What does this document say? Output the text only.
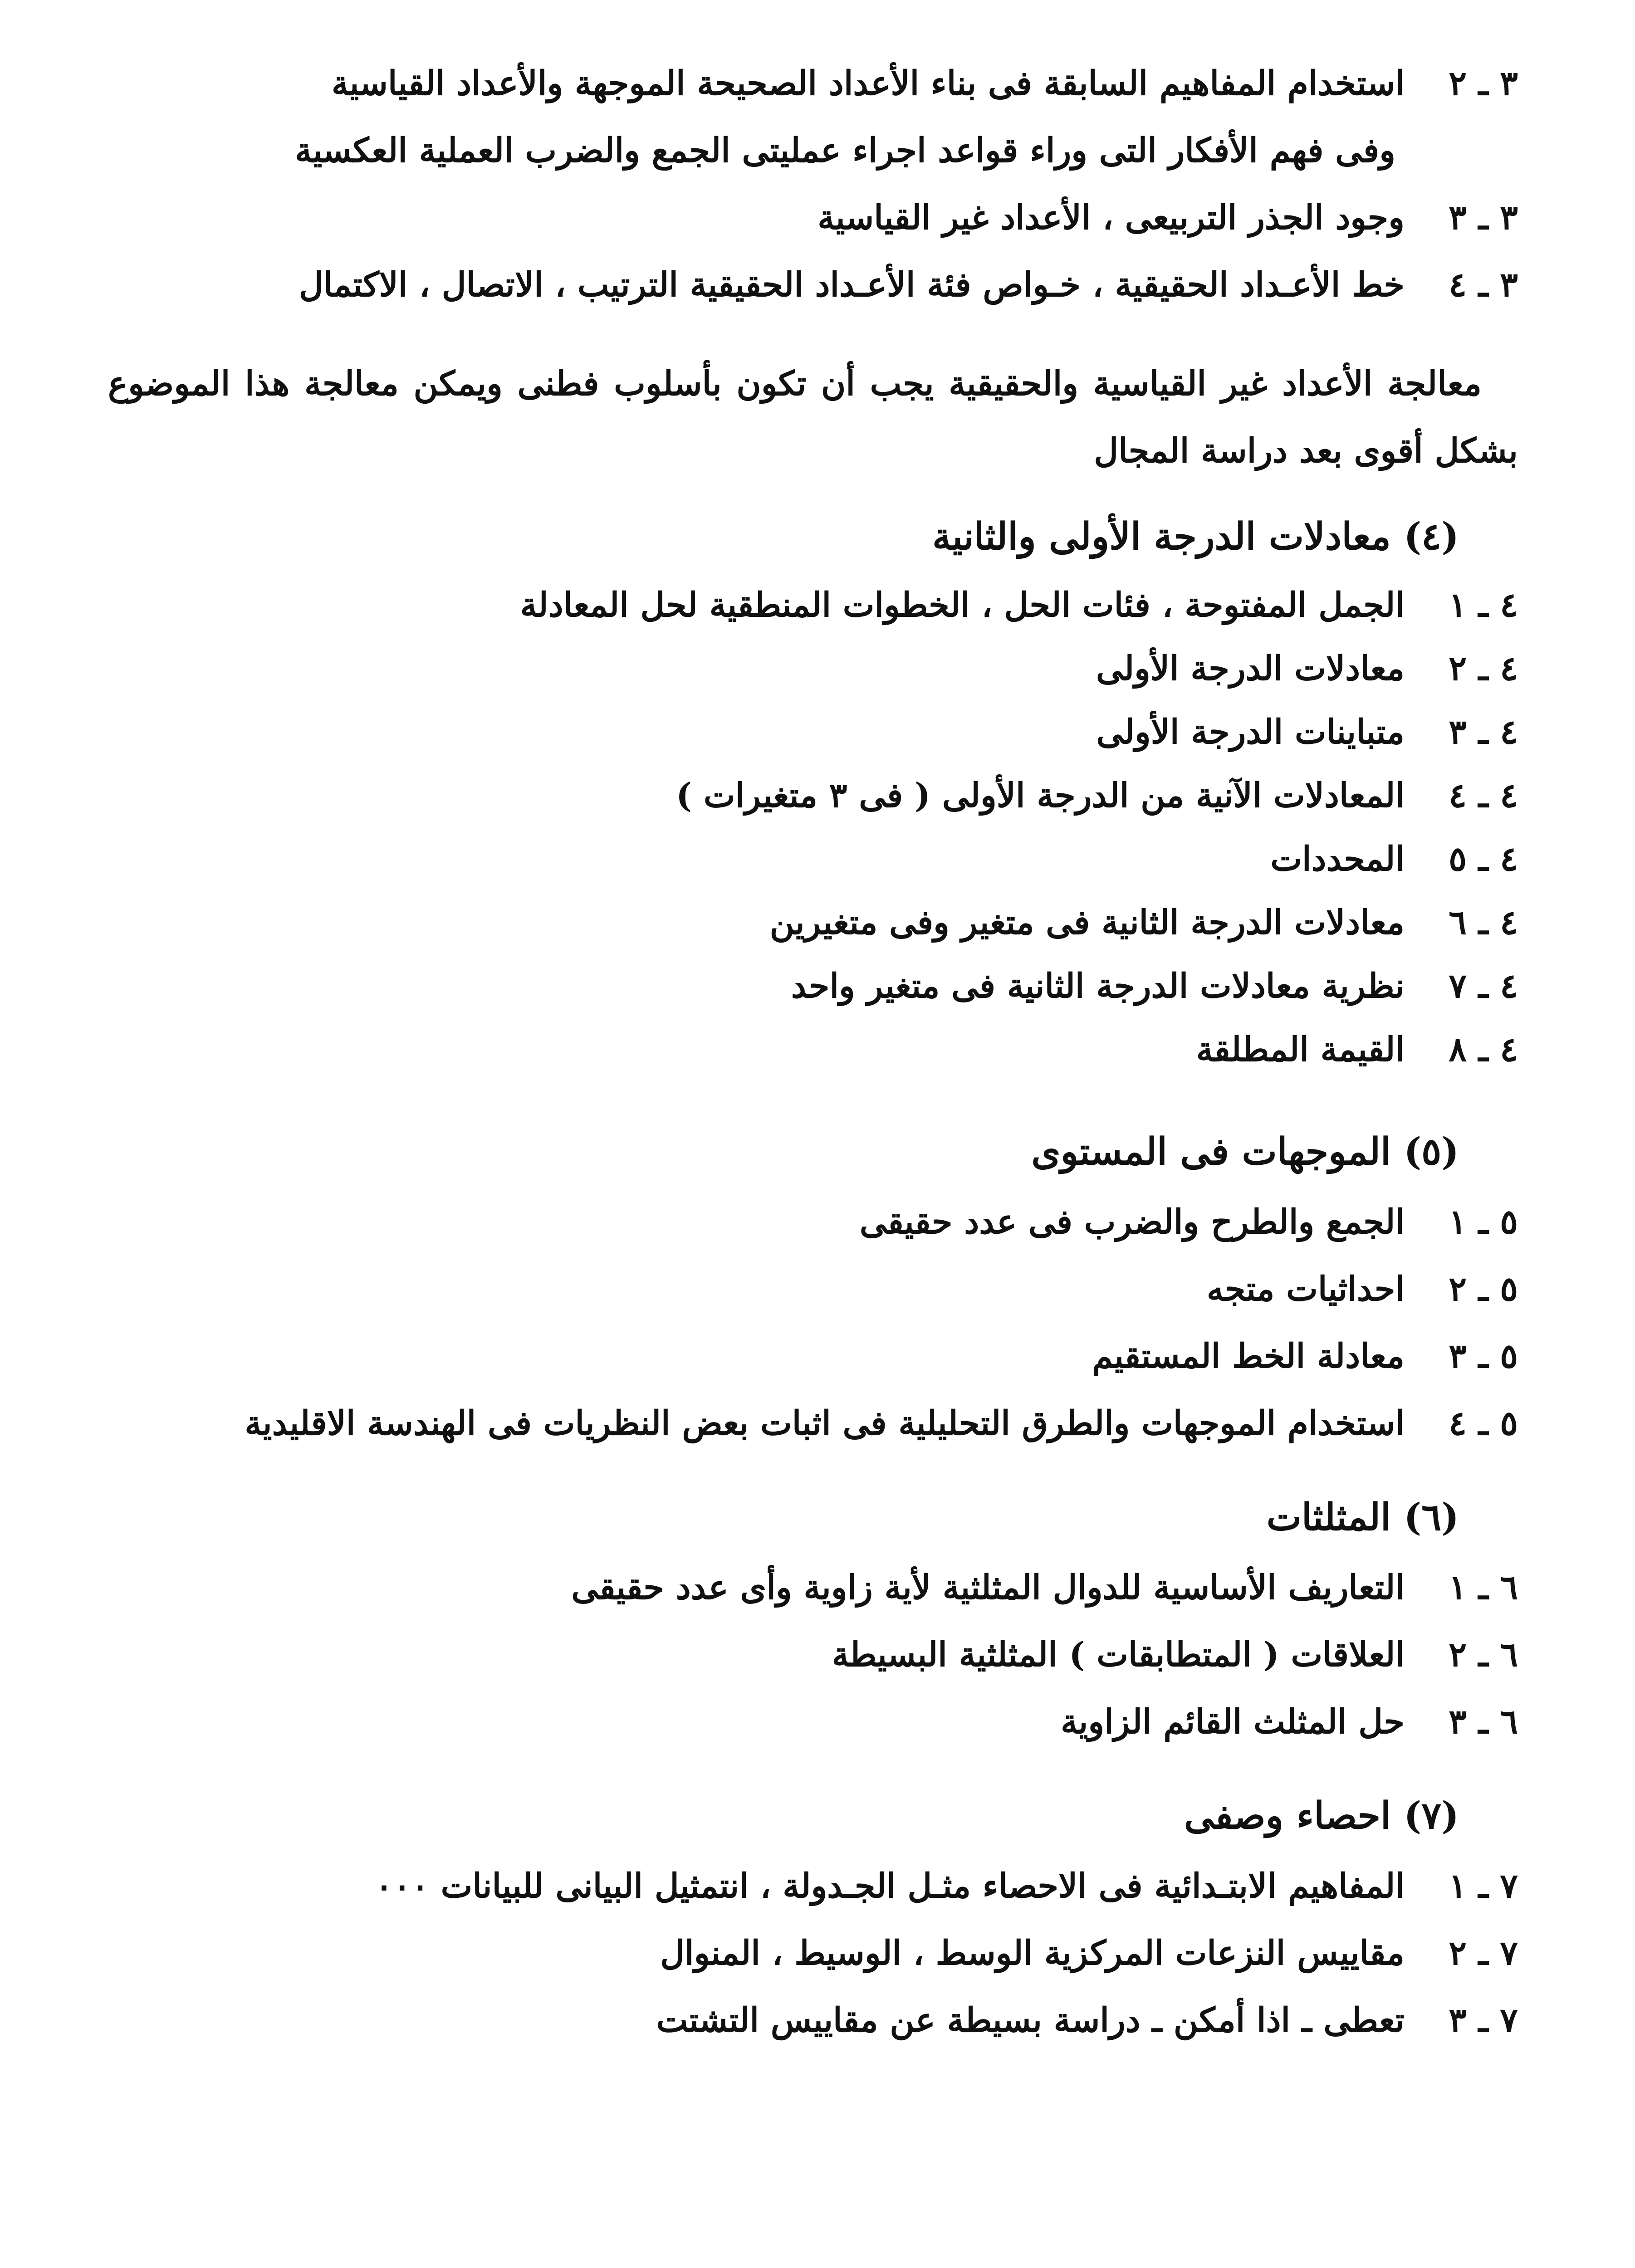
٣ ـ ٢
استخدام المفاهيم السابقة فى بناء الأعداد الصحيحة الموجهة والأعداد القياسية
وفى فهم الأفكار التى وراء قواعد اجراء عمليتى الجمع والضرب العملية العكسية
٣ ـ ٣
وجود الجذر التربيعى ، الأعداد غير القياسية
٣ ـ ٤
خط الأعـداد الحقيقية ، خـواص فئة الأعـداد الحقيقية الترتيب ، الاتصال ، الاكتمال
معالجة الأعداد غير القياسية والحقيقية يجب أن تكون بأسلوب فطنى ويمكن معالجة هذا الموضوع بشكل أقوى بعد دراسة المجال
(٤) معادلات الدرجة الأولى والثانية
٤ ـ ١
الجمل المفتوحة ، فئات الحل ، الخطوات المنطقية لحل المعادلة
٤ ـ ٢
معادلات الدرجة الأولى
٤ ـ ٣
متباينات الدرجة الأولى
٤ ـ ٤
المعادلات الآنية من الدرجة الأولى ( فى ٣ متغيرات )
٤ ـ ٥
المحددات
٤ ـ ٦
معادلات الدرجة الثانية فى متغير وفى متغيرين
٤ ـ ٧
نظرية معادلات الدرجة الثانية فى متغير واحد
٤ ـ ٨
القيمة المطلقة
(٥) الموجهات فى المستوى
٥ ـ ١
الجمع والطرح والضرب فى عدد حقيقى
٥ ـ ٢
احداثيات متجه
٥ ـ ٣
معادلة الخط المستقيم
٥ ـ ٤
استخدام الموجهات والطرق التحليلية فى اثبات بعض النظريات فى الهندسة الاقليدية
(٦) المثلثات
٦ ـ ١
التعاريف الأساسية للدوال المثلثية لأية زاوية وأى عدد حقيقى
٦ ـ ٢
العلاقات ( المتطابقات ) المثلثية البسيطة
٦ ـ ٣
حل المثلث القائم الزاوية
(٧) احصاء وصفى
٧ ـ ١
المفاهيم الابتـدائية فى الاحصاء مثـل الجـدولة ، انتمثيل البيانى للبيانات ٠٠٠
٧ ـ ٢
مقاييس النزعات المركزية الوسط ، الوسيط ، المنوال
٧ ـ ٣
تعطى ـ اذا أمكن ـ دراسة بسيطة عن مقاييس التشتت
